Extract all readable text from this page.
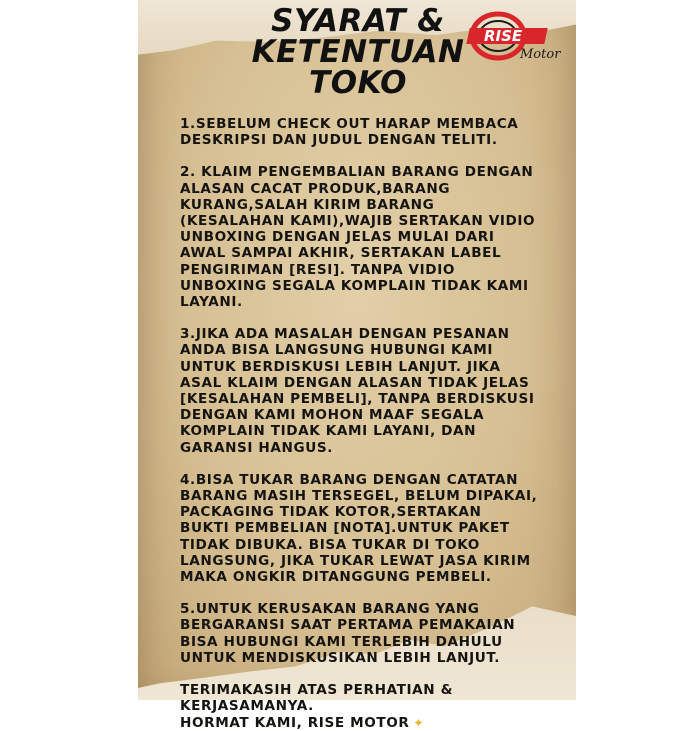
SYARAT &
KETENTUAN
TOKO
RISE
Motor

1.SEBELUM CHECK OUT HARAP MEMBACA
DESKRIPSI DAN JUDUL DENGAN TELITI.

2. KLAIM PENGEMBALIAN BARANG DENGAN
ALASAN CACAT PRODUK,BARANG
KURANG,SALAH KIRIM BARANG
(KESALAHAN KAMI),WAJIB SERTAKAN VIDIO
UNBOXING DENGAN JELAS MULAI DARI
AWAL SAMPAI AKHIR, SERTAKAN LABEL
PENGIRIMAN [RESI]. TANPA VIDIO
UNBOXING SEGALA KOMPLAIN TIDAK KAMI
LAYANI.

3.JIKA ADA MASALAH DENGAN PESANAN
ANDA BISA LANGSUNG HUBUNGI KAMI
UNTUK BERDISKUSI LEBIH LANJUT. JIKA
ASAL KLAIM DENGAN ALASAN TIDAK JELAS
[KESALAHAN PEMBELI], TANPA BERDISKUSI
DENGAN KAMI MOHON MAAF SEGALA
KOMPLAIN TIDAK KAMI LAYANI, DAN
GARANSI HANGUS.

4.BISA TUKAR BARANG DENGAN CATATAN
BARANG MASIH TERSEGEL, BELUM DIPAKAI,
PACKAGING TIDAK KOTOR,SERTAKAN
BUKTI PEMBELIAN [NOTA].UNTUK PAKET
TIDAK DIBUKA. BISA TUKAR DI TOKO
LANGSUNG, JIKA TUKAR LEWAT JASA KIRIM
MAKA ONGKIR DITANGGUNG PEMBELI.

5.UNTUK KERUSAKAN BARANG YANG
BERGARANSI SAAT PERTAMA PEMAKAIAN
BISA HUBUNGI KAMI TERLEBIH DAHULU
UNTUK MENDISKUSIKAN LEBIH LANJUT.

TERIMAKASIH ATAS PERHATIAN &
KERJASAMANYA.

HORMAT KAMI, RISE MOTOR ✦
